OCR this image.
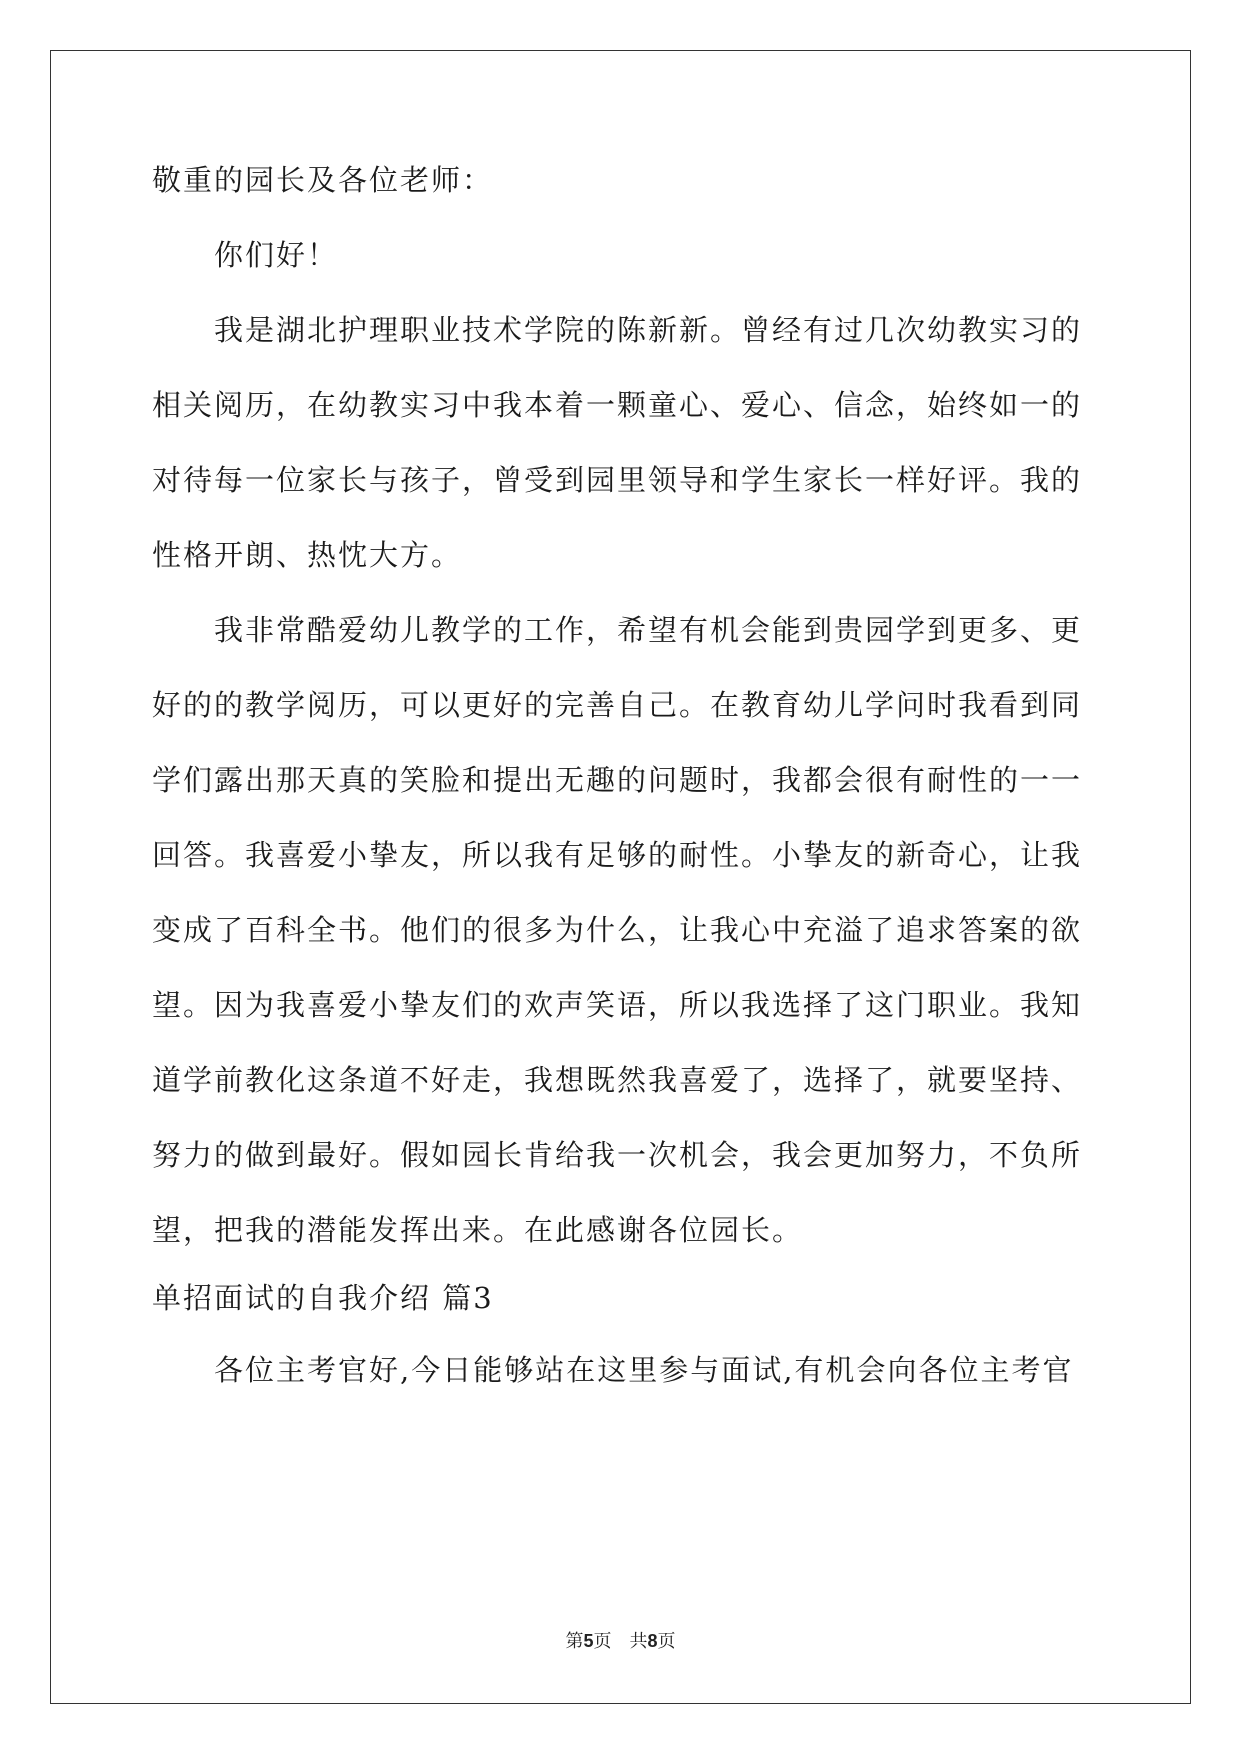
敬重的园长及各位老师：
你们好！
我是湖北护理职业技术学院的陈新新。曾经有过几次幼教实习的
相关阅历，在幼教实习中我本着一颗童心、爱心、信念，始终如一的
对待每一位家长与孩子，曾受到园里领导和学生家长一样好评。我的
性格开朗、热忱大方。
我非常酷爱幼儿教学的工作，希望有机会能到贵园学到更多、更
好的的教学阅历，可以更好的完善自己。在教育幼儿学问时我看到同
学们露出那天真的笑脸和提出无趣的问题时，我都会很有耐性的一一
回答。我喜爱小挚友，所以我有足够的耐性。小挚友的新奇心，让我
变成了百科全书。他们的很多为什么，让我心中充溢了追求答案的欲
望。因为我喜爱小挚友们的欢声笑语，所以我选择了这门职业。我知
道学前教化这条道不好走，我想既然我喜爱了，选择了，就要坚持、
努力的做到最好。假如园长肯给我一次机会，我会更加努力，不负所
望，把我的潜能发挥出来。在此感谢各位园长。
单招面试的自我介绍 篇3
各位主考官好,今日能够站在这里参与面试,有机会向各位主考官
第5页　共8页
